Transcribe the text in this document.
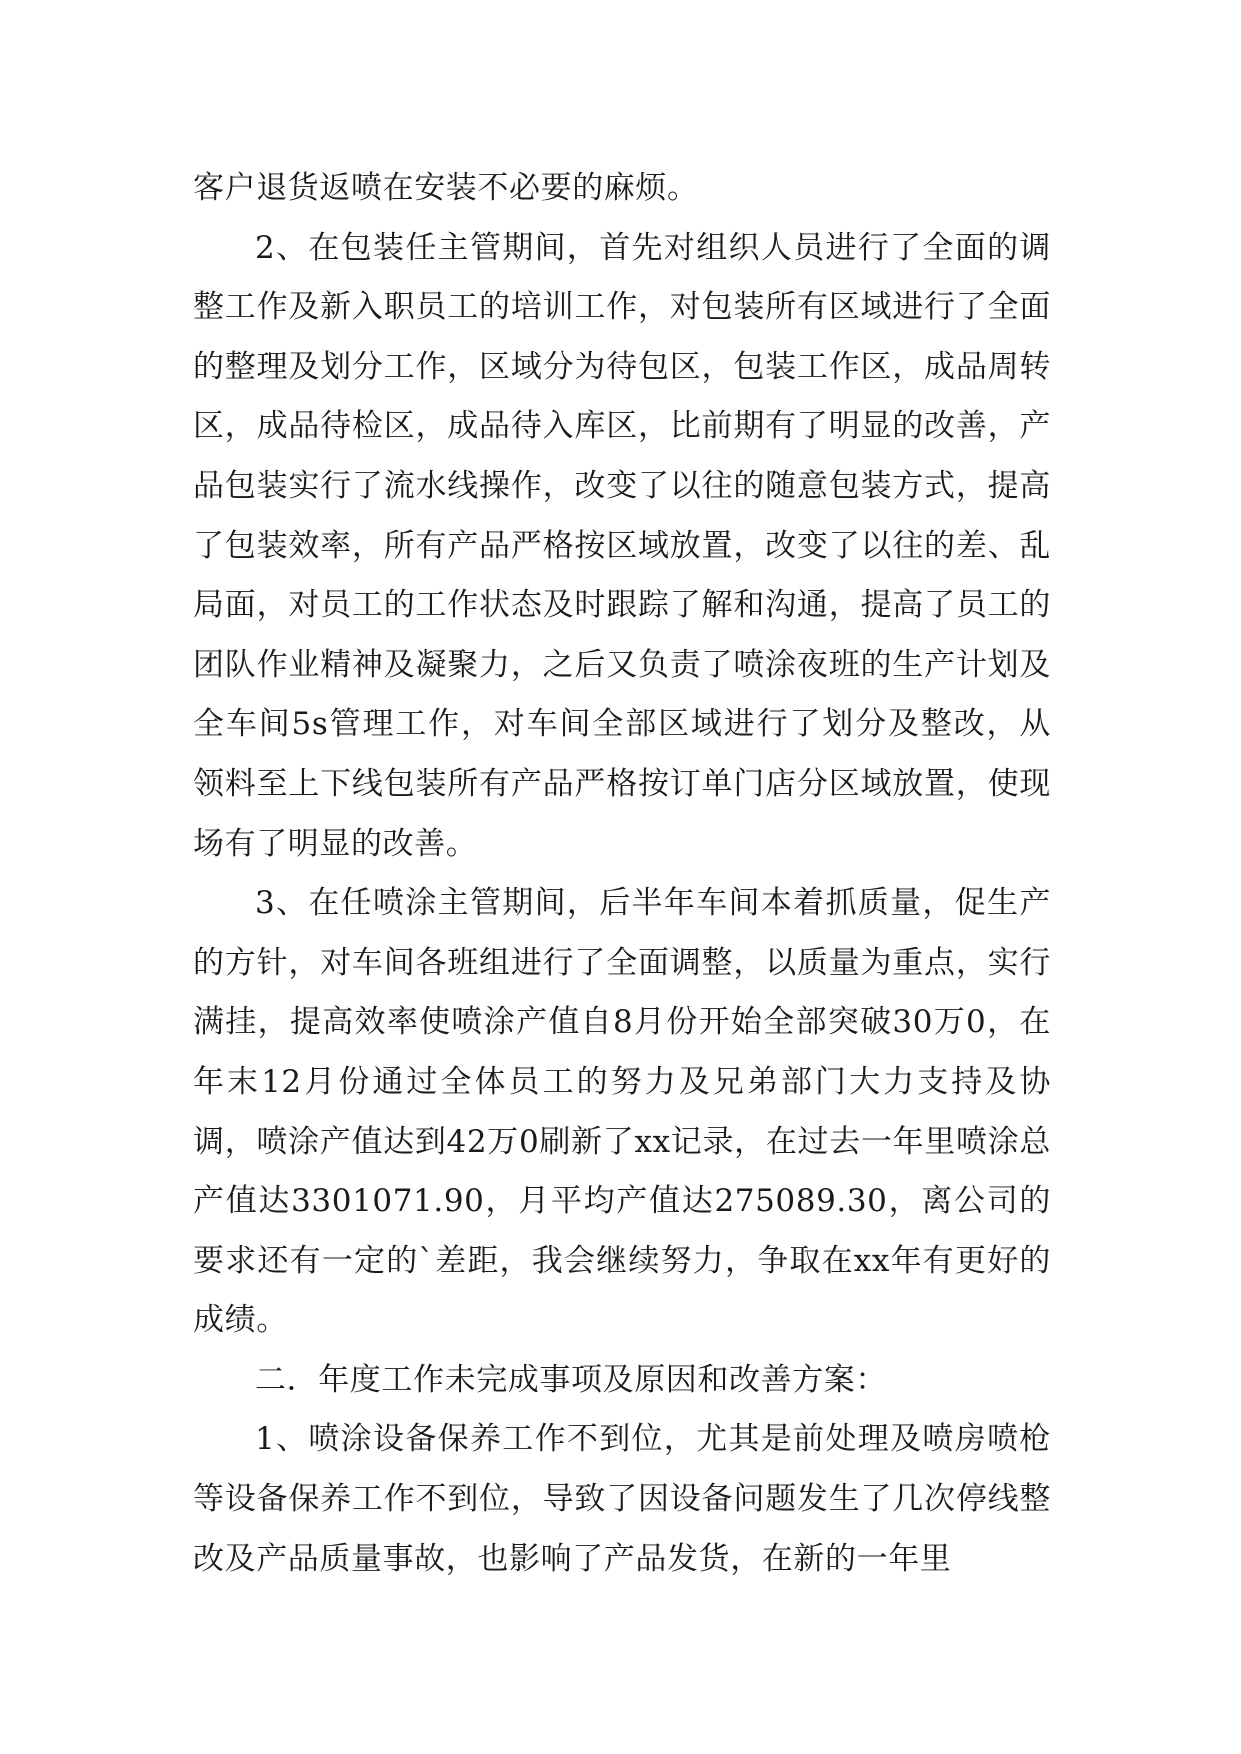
客户退货返喷在安装不必要的麻烦。

2、在包装任主管期间，首先对组织人员进行了全面的调整工作及新入职员工的培训工作，对包装所有区域进行了全面的整理及划分工作，区域分为待包区，包装工作区，成品周转区，成品待检区，成品待入库区，比前期有了明显的改善，产品包装实行了流水线操作，改变了以往的随意包装方式，提高了包装效率，所有产品严格按区域放置，改变了以往的差、乱局面，对员工的工作状态及时跟踪了解和沟通，提高了员工的团队作业精神及凝聚力，之后又负责了喷涂夜班的生产计划及全车间5s管理工作，对车间全部区域进行了划分及整改，从领料至上下线包装所有产品严格按订单门店分区域放置，使现场有了明显的改善。

3、在任喷涂主管期间，后半年车间本着抓质量，促生产的方针，对车间各班组进行了全面调整，以质量为重点，实行满挂，提高效率使喷涂产值自8月份开始全部突破30万0，在年末12月份通过全体员工的努力及兄弟部门大力支持及协调，喷涂产值达到42万0刷新了xx记录，在过去一年里喷涂总产值达3301071.90，月平均产值达275089.30，离公司的要求还有一定的`差距，我会继续努力，争取在xx年有更好的成绩。

二．年度工作未完成事项及原因和改善方案：

1、喷涂设备保养工作不到位，尤其是前处理及喷房喷枪等设备保养工作不到位，导致了因设备问题发生了几次停线整改及产品质量事故，也影响了产品发货，在新的一年里
